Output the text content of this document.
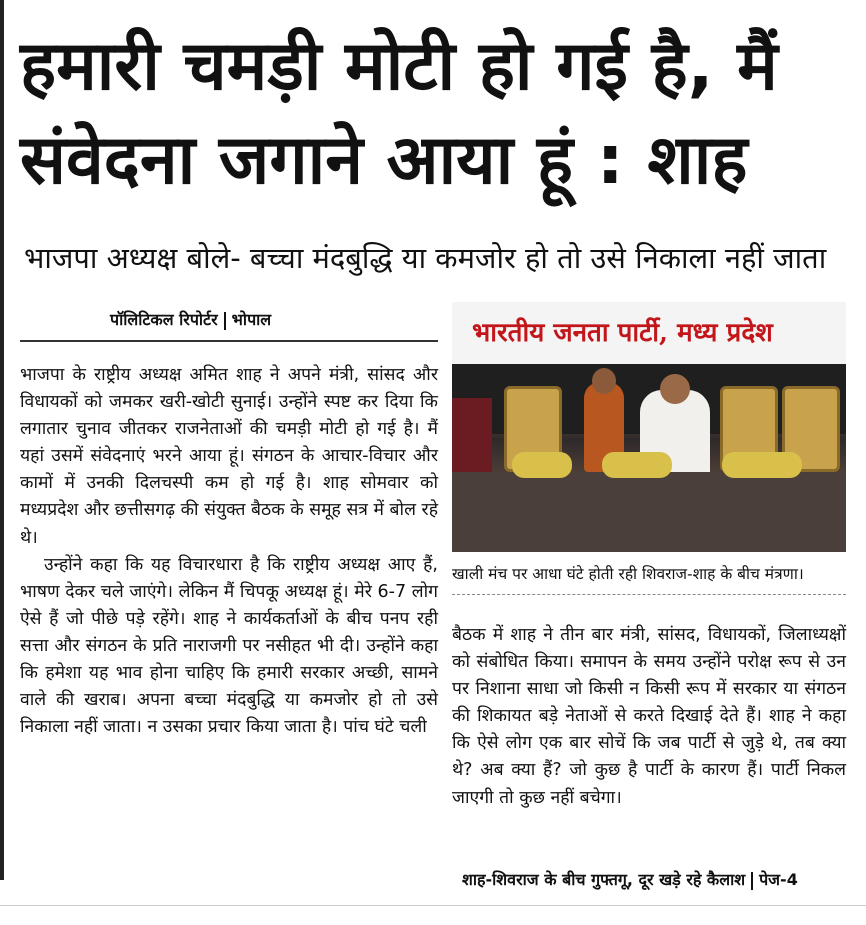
हमारी चमड़ी मोटी हो गई है, मैं
संवेदना जगाने आया हूं : शाह
भाजपा अध्यक्ष बोले- बच्चा मंदबुद्धि या कमजोर हो तो उसे निकाला नहीं जाता
पॉलिटिकल रिपोर्टर भोपाल

भाजपा के राष्ट्रीय अध्यक्ष अमित शाह ने अपने मंत्री, सांसद और विधायकों को जमकर खरी-खोटी सुनाई। उन्होंने स्पष्ट कर दिया कि लगातार चुनाव जीतकर राजनेताओं की चमड़ी मोटी हो गई है। मैं यहां उसमें संवेदनाएं भरने आया हूं। संगठन के आचार-विचार और कामों में उनकी दिलचस्पी कम हो गई है। शाह सोमवार को मध्यप्रदेश और छत्तीसगढ़ की संयुक्त बैठक के समूह सत्र में बोल रहे थे।

उन्होंने कहा कि यह विचारधारा है कि राष्ट्रीय अध्यक्ष आए हैं, भाषण देकर चले जाएंगे। लेकिन मैं चिपकू अध्यक्ष हूं। मेरे 6-7 लोग ऐसे हैं जो पीछे पड़े रहेंगे। शाह ने कार्यकर्ताओं के बीच पनप रही सत्ता और संगठन के प्रति नाराजगी पर नसीहत भी दी। उन्होंने कहा कि हमेशा यह भाव होना चाहिए कि हमारी सरकार अच्छी, सामने वाले की खराब। अपना बच्चा मंदबुद्धि या कमजोर हो तो उसे निकाला नहीं जाता। न उसका प्रचार किया जाता है। पांच घंटे चली

भारतीय जनता पार्टी, मध्य प्रदेश
खाली मंच पर आधा घंटे होती रही शिवराज-शाह के बीच मंत्रणा।

बैठक में शाह ने तीन बार मंत्री, सांसद, विधायकों, जिलाध्यक्षों को संबोधित किया। समापन के समय उन्होंने परोक्ष रूप से उन पर निशाना साधा जो किसी न किसी रूप में सरकार या संगठन की शिकायत बड़े नेताओं से करते दिखाई देते हैं। शाह ने कहा कि ऐसे लोग एक बार सोचें कि जब पार्टी से जुड़े थे, तब क्या थे? अब क्या हैं? जो कुछ है पार्टी के कारण हैं। पार्टी निकल जाएगी तो कुछ नहीं बचेगा।

शाह-शिवराज के बीच गुफ्तगू, दूर खड़े रहे कैलाश पेज-4
